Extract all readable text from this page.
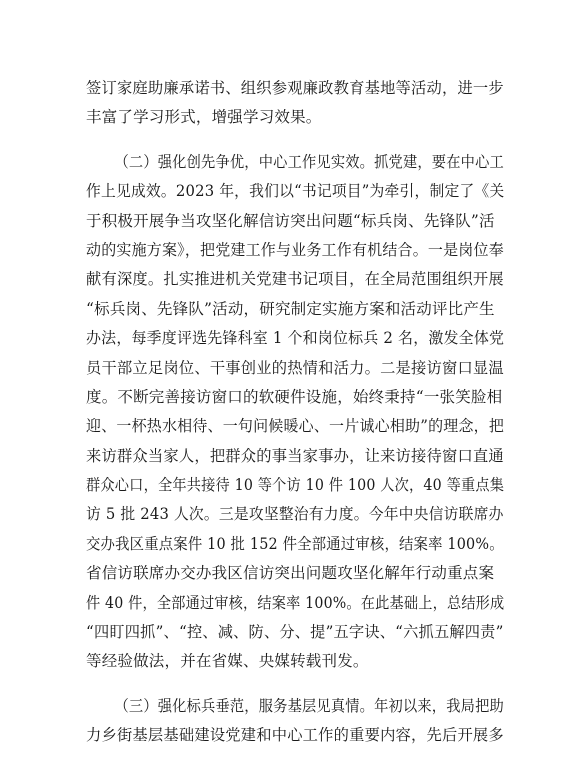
签订家庭助廉承诺书、组织参观廉政教育基地等活动，进一步
丰富了学习形式，增强学习效果。
（二）强化创先争优，中心工作见实效。抓党建，要在中心工
作上见成效。2023 年，我们以“书记项目”为牵引，制定了《关
于积极开展争当攻坚化解信访突出问题“标兵岗、先锋队”活
动的实施方案》，把党建工作与业务工作有机结合。一是岗位奉
献有深度。扎实推进机关党建书记项目，在全局范围组织开展
“标兵岗、先锋队”活动，研究制定实施方案和活动评比产生
办法，每季度评选先锋科室 1 个和岗位标兵 2 名，激发全体党
员干部立足岗位、干事创业的热情和活力。二是接访窗口显温
度。不断完善接访窗口的软硬件设施，始终秉持“一张笑脸相
迎、一杯热水相待、一句问候暖心、一片诚心相助”的理念，把
来访群众当家人，把群众的事当家事办，让来访接待窗口直通
群众心口，全年共接待 10 等个访 10 件 100 人次，40 等重点集
访 5 批 243 人次。三是攻坚整治有力度。今年中央信访联席办
交办我区重点案件 10 批 152 件全部通过审核，结案率 100%。
省信访联席办交办我区信访突出问题攻坚化解年行动重点案
件 40 件，全部通过审核，结案率 100%。在此基础上，总结形成
“四盯四抓”、“控、减、防、分、提”五字诀、“六抓五解四责”
等经验做法，并在省媒、央媒转载刊发。
（三）强化标兵垂范，服务基层见真情。年初以来，我局把助
力乡街基层基础建设党建和中心工作的重要内容，先后开展多
